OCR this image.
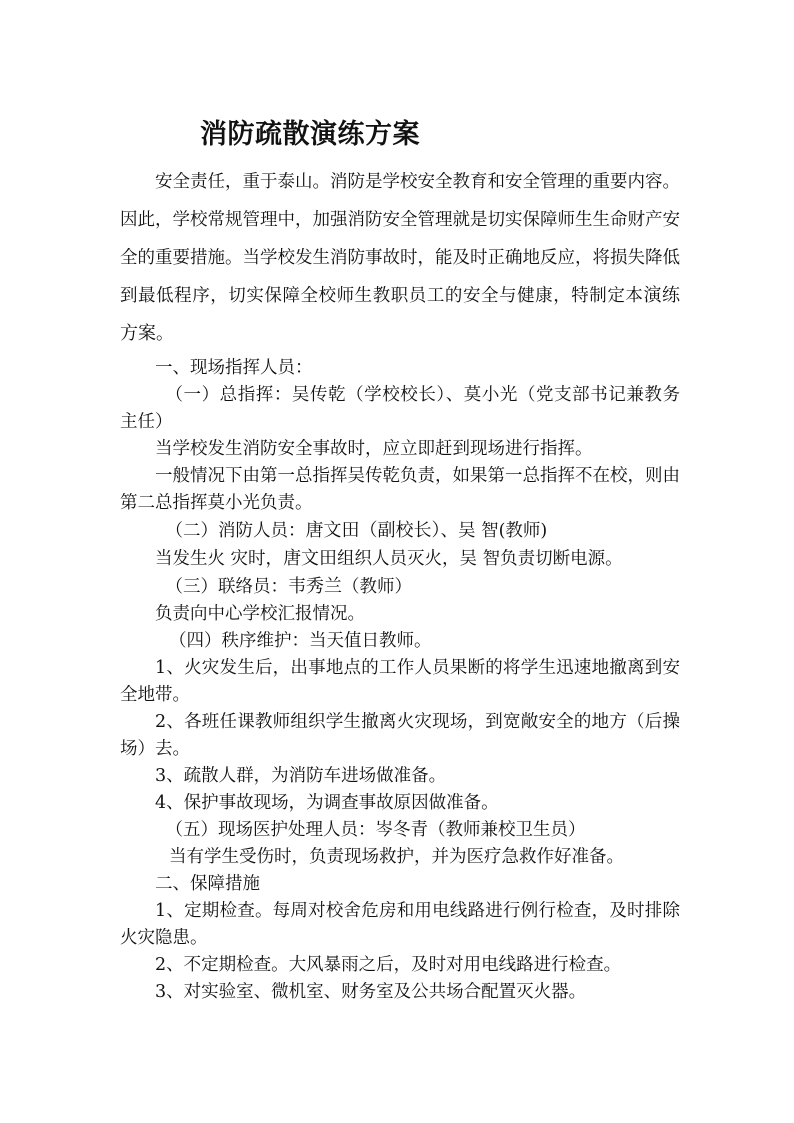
消防疏散演练方案

安全责任，重于泰山。消防是学校安全教育和安全管理的重要内容。因此，学校常规管理中，加强消防安全管理就是切实保障师生生命财产安全的重要措施。当学校发生消防事故时，能及时正确地反应，将损失降低到最低程序，切实保障全校师生教职员工的安全与健康，特制定本演练方案。

一、现场指挥人员：

（一）总指挥：吴传乾（学校校长）、莫小光（党支部书记兼教务主任）

当学校发生消防安全事故时，应立即赶到现场进行指挥。

一般情况下由第一总指挥吴传乾负责，如果第一总指挥不在校，则由第二总指挥莫小光负责。

（二）消防人员：唐文田（副校长）、吴 智(教师)

当发生火 灾时，唐文田组织人员灭火，吴 智负责切断电源。

（三）联络员：韦秀兰（教师）

负责向中心学校汇报情况。

（四）秩序维护：当天值日教师。

1、火灾发生后，出事地点的工作人员果断的将学生迅速地撤离到安全地带。

2、各班任课教师组织学生撤离火灾现场，到宽敞安全的地方（后操场）去。

3、疏散人群，为消防车进场做准备。

4、保护事故现场，为调查事故原因做准备。

（五）现场医护处理人员：岑冬青（教师兼校卫生员）

当有学生受伤时，负责现场救护，并为医疗急救作好准备。

二、保障措施

1、定期检查。每周对校舍危房和用电线路进行例行检查，及时排除火灾隐患。

2、不定期检查。大风暴雨之后，及时对用电线路进行检查。

3、对实验室、微机室、财务室及公共场合配置灭火器。
